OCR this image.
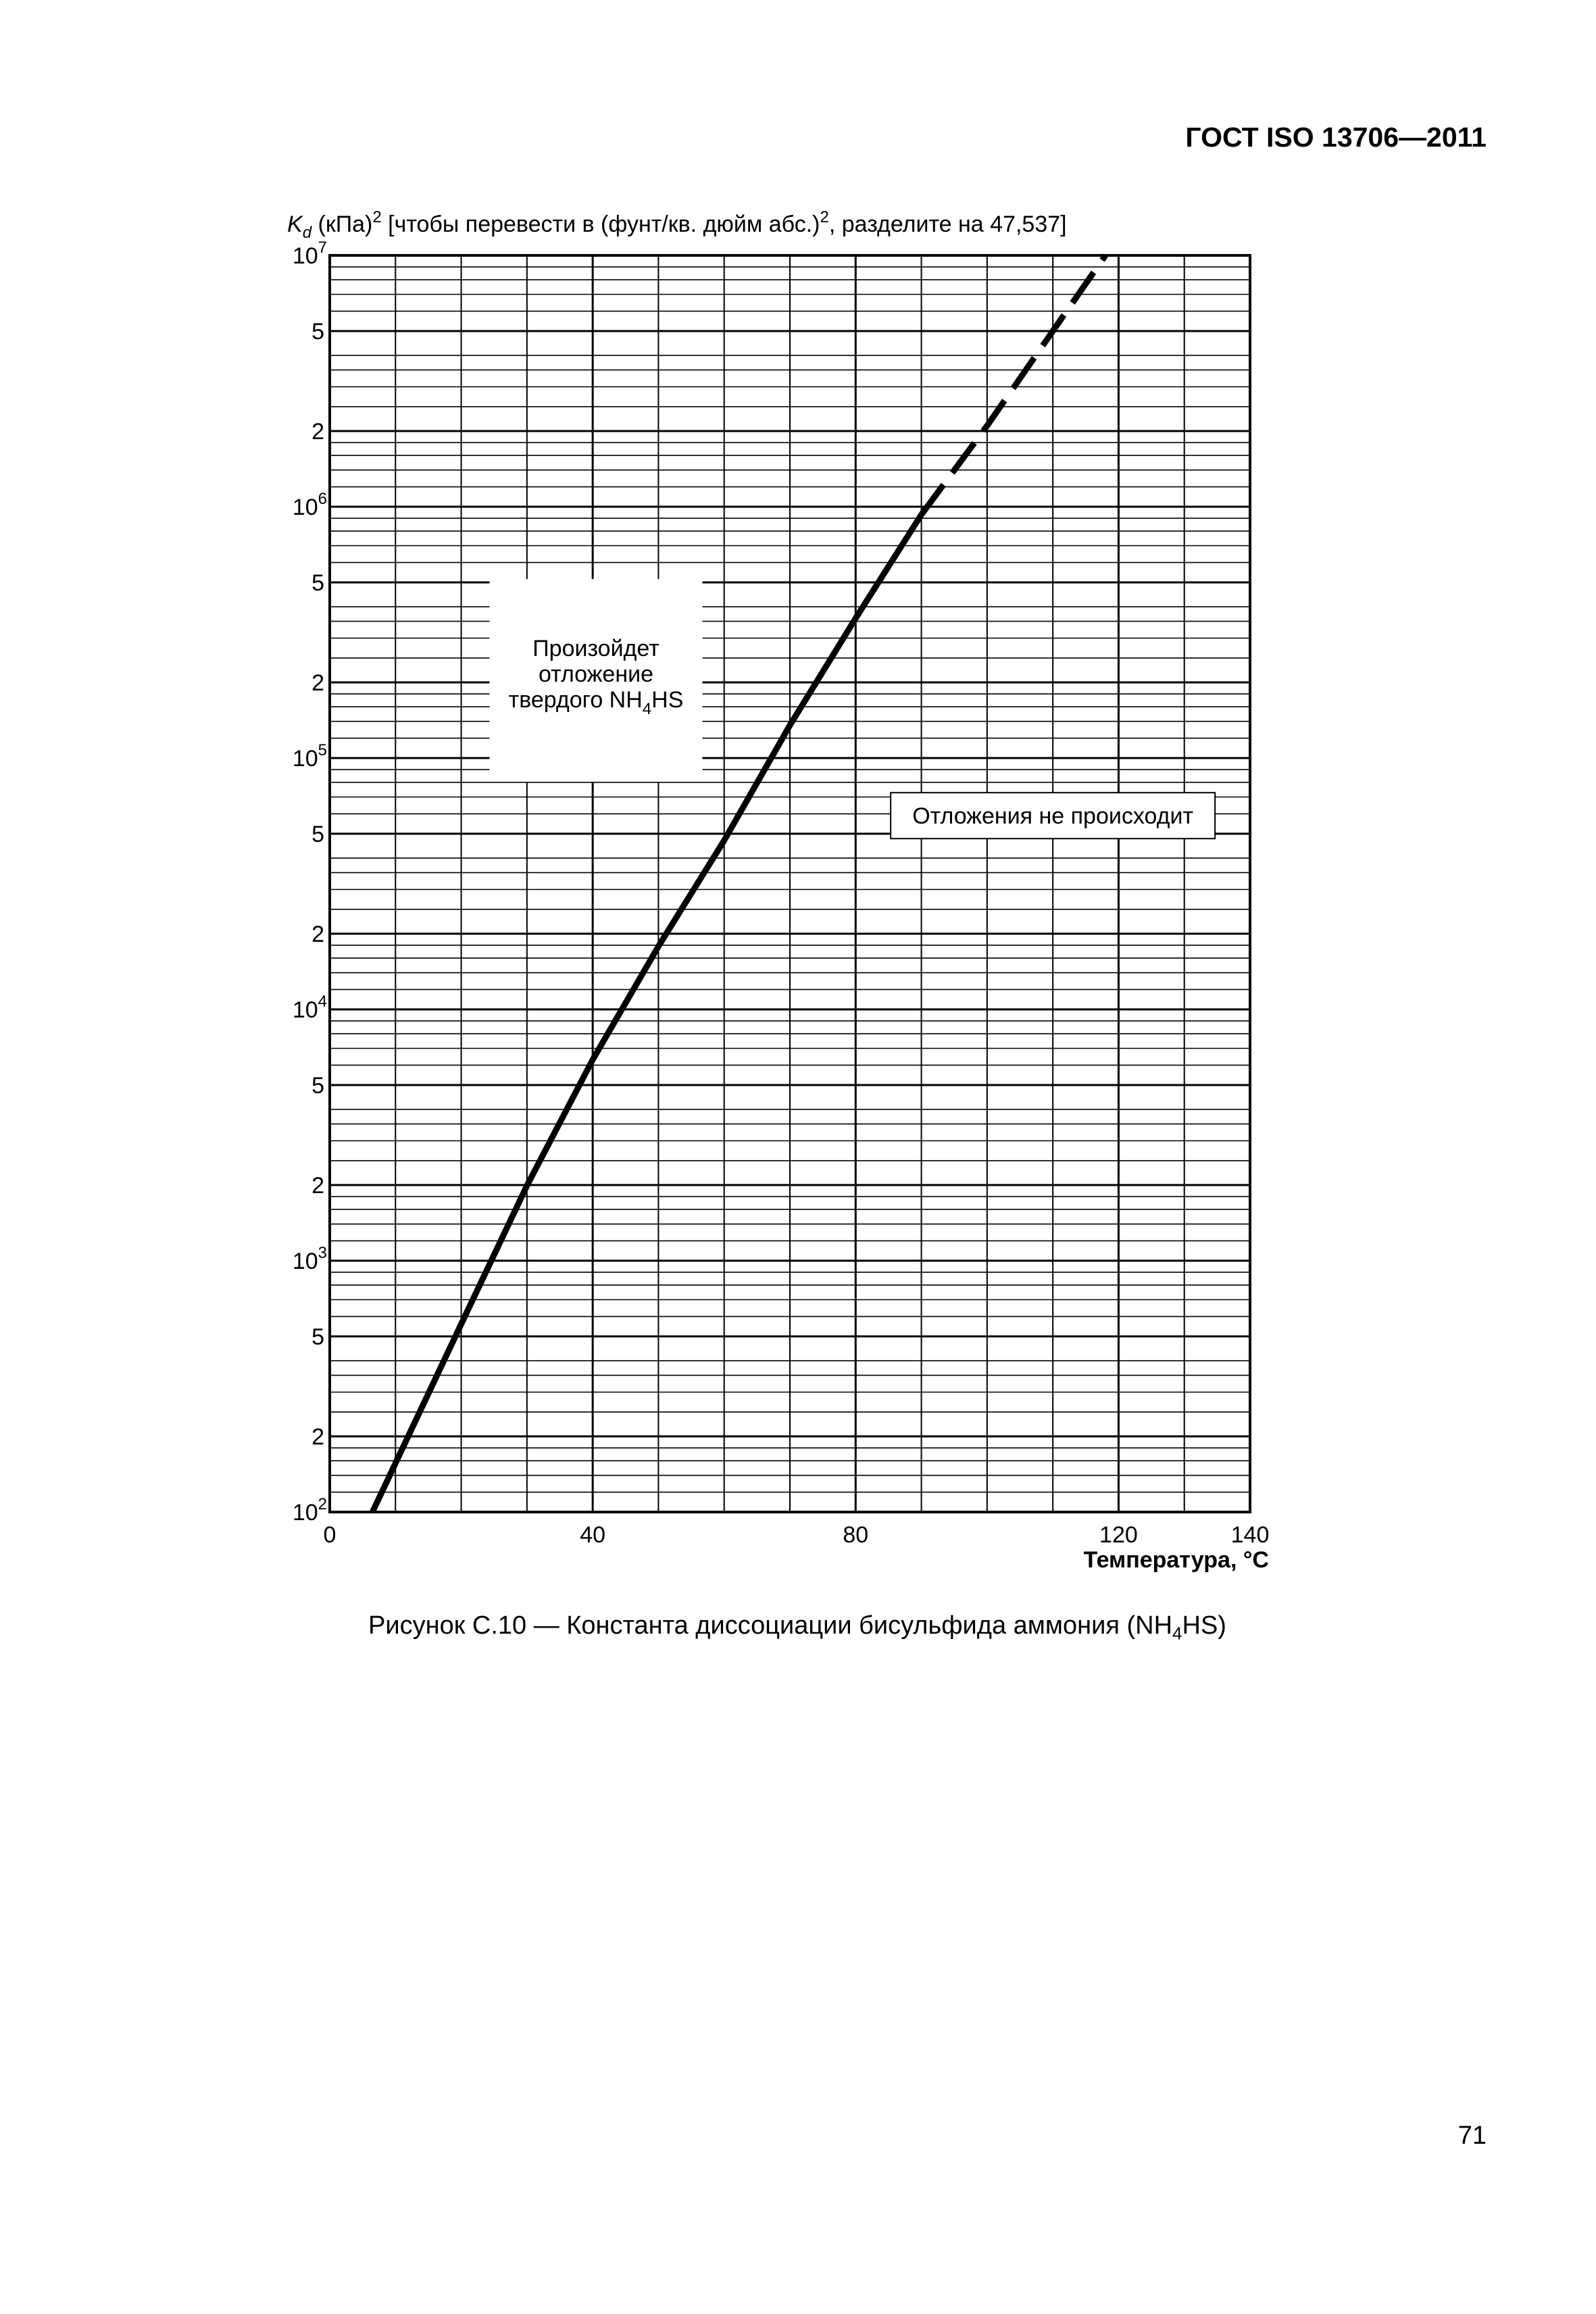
ГОСТ ISO 13706—2011
Произойдет отложение твердого $NH_4HS$
Отложения не происходит
0	40	80	120	140
$10^2$
2
5
$10^3$
2
5
$10^4$
2
5
$10^5$
2
5
$10^6$
2
5
$10^7$
$K_d$ (кПа)$^2$ [чтобы перевести в (фунт/кв. дюйм абс.)$^2$, разделите на 47,537]
Температура, °C
Рисунок С.10 — Константа диссоциации бисульфида аммония $(NH_4HS)$
71
